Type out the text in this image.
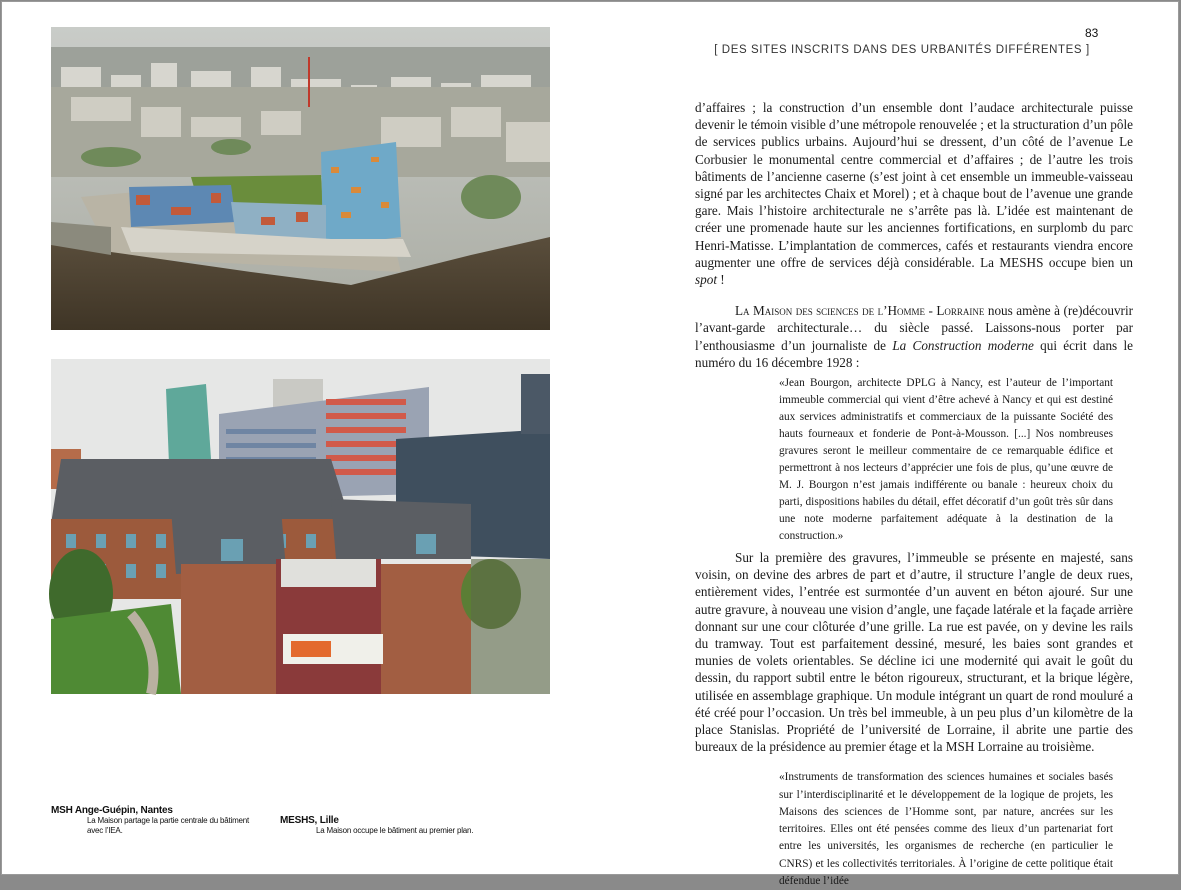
MSH Ange-Guépin, Nantes
La Maison partage la partie centrale du bâtiment
avec l’IEA.
MESHS, Lille
La Maison occupe le bâtiment au premier plan.
83
[ DES SITES INSCRITS DANS DES URBANITÉS DIFFÉRENTES ]

d’affaires ; la construction d’un ensemble dont l’audace architecturale puisse devenir le témoin visible d’une métropole renouvelée ; et la structuration d’un pôle de services publics urbains. Aujourd’hui se dressent, d’un côté de l’avenue Le Corbusier le monumental centre commercial et d’affaires ; de l’autre les trois bâtiments de l’ancienne caserne (s’est joint à cet ensemble un immeuble-vaisseau signé par les architectes Chaix et Morel) ; et à chaque bout de l’avenue une grande gare. Mais l’histoire architecturale ne s’arrête pas là. L’idée est maintenant de créer une promenade haute sur les anciennes fortifications, en surplomb du parc Henri-Matisse. L’implantation de commerces, cafés et restaurants viendra encore augmenter une offre de services déjà considérable. La MESHS occupe bien un spot !

La Maison des sciences de l’Homme - Lorraine nous amène à (re)découvrir l’avant-garde architecturale… du siècle passé. Laissons-nous porter par l’enthousiasme d’un journaliste de La Construction moderne qui écrit dans le numéro du 16 décembre 1928 :

«Jean Bourgon, architecte DPLG à Nancy, est l’auteur de l’important immeuble commercial qui vient d’être achevé à Nancy et qui est destiné aux services administratifs et commerciaux de la puissante Société des hauts fourneaux et fonderie de Pont-à-Mousson. [...] Nos nombreuses gravures seront le meilleur commentaire de ce remarquable édifice et permettront à nos lecteurs d’apprécier une fois de plus, qu’une œuvre de M. J. Bourgon n’est jamais indifférente ou banale : heureux choix du parti, dispositions habiles du détail, effet décoratif d’un goût très sûr dans une note moderne parfaitement adéquate à la destination de la construction.»

Sur la première des gravures, l’immeuble se présente en majesté, sans voisin, on devine des arbres de part et d’autre, il structure l’angle de deux rues, entièrement vides, l’entrée est surmontée d’un auvent en béton ajouré. Sur une autre gravure, à nouveau une vision d’angle, une façade latérale et la façade arrière donnant sur une cour clôturée d’une grille. La rue est pavée, on y devine les rails du tramway. Tout est parfaitement dessiné, mesuré, les baies sont grandes et munies de volets orientables. Se décline ici une modernité qui avait le goût du dessin, du rapport subtil entre le béton rigoureux, structurant, et la brique légère, utilisée en assemblage graphique. Un module intégrant un quart de rond mouluré a été créé pour l’occasion. Un très bel immeuble, à un peu plus d’un kilomètre de la place Stanislas. Propriété de l’université de Lorraine, il abrite une partie des bureaux de la présidence au premier étage et la MSH Lorraine au troisième.

«Instruments de transformation des sciences humaines et sociales basés sur l’interdisciplinarité et le développement de la logique de projets, les Maisons des sciences de l’Homme sont, par nature, ancrées sur les territoires. Elles ont été pensées comme des lieux d’un partenariat fort entre les universités, les organismes de recherche (en particulier le CNRS) et les collectivités territoriales. À l’origine de cette politique était défendue l’idée
